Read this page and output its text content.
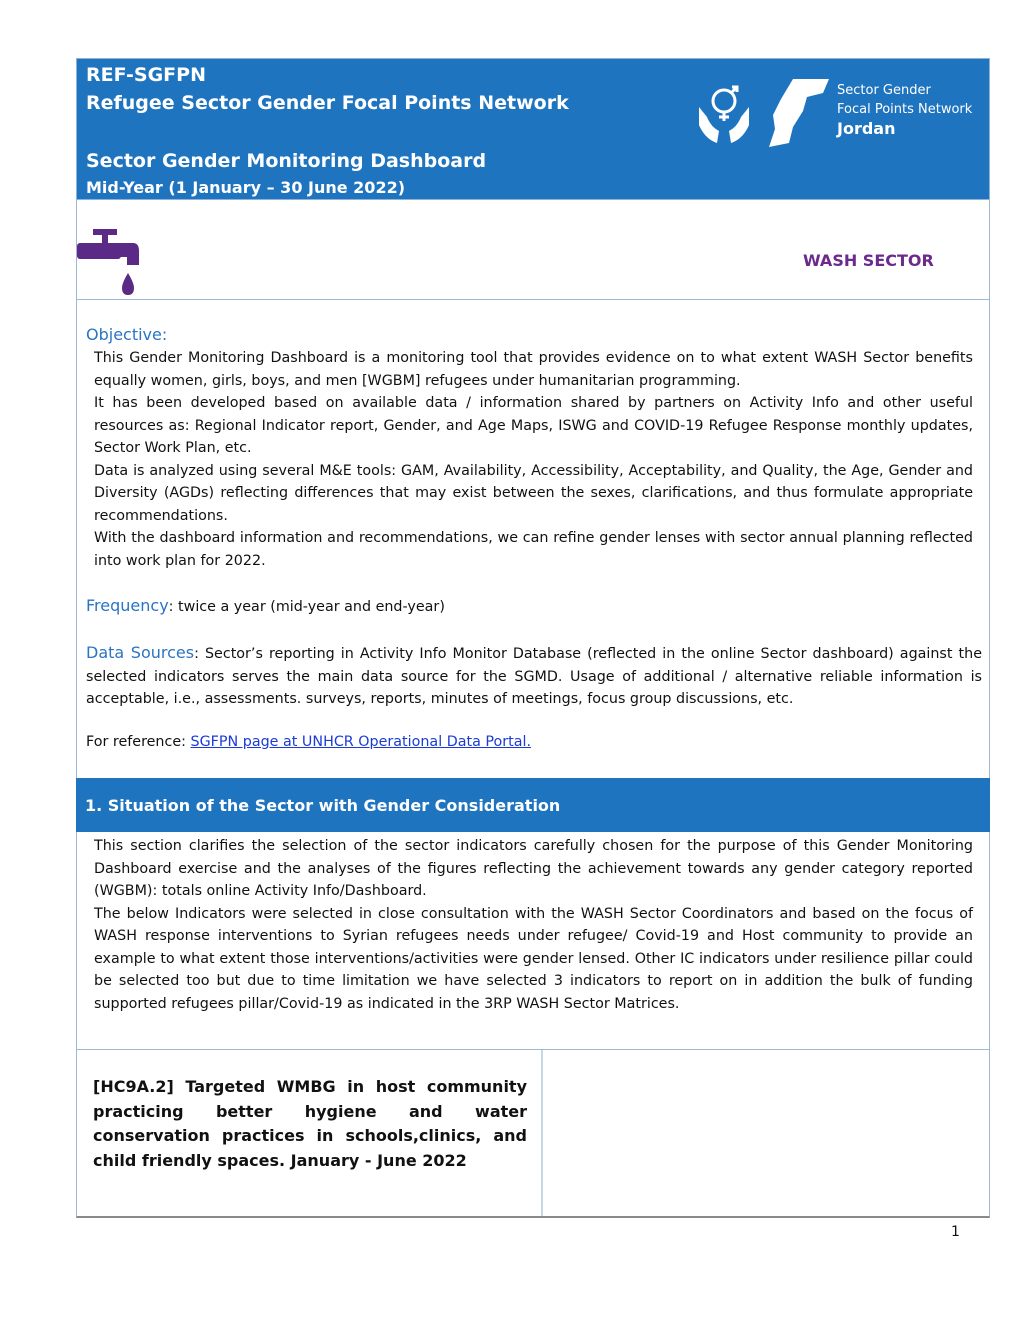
REF-SGFPN
Refugee Sector Gender Focal Points Network
Sector Gender Monitoring Dashboard
Mid-Year (1 January – 30 June 2022)
Sector Gender
Focal Points Network
Jordan
WASH SECTOR
Objective:

This Gender Monitoring Dashboard is a monitoring tool that provides evidence on to what extent WASH Sector benefits equally women, girls, boys, and men [WGBM] refugees under humanitarian programming.

It has been developed based on available data / information shared by partners on Activity Info and other useful resources as: Regional Indicator report, Gender, and Age Maps, ISWG and COVID-19 Refugee Response monthly updates, Sector Work Plan, etc.

Data is analyzed using several M&E tools: GAM, Availability, Accessibility, Acceptability, and Quality, the Age, Gender and Diversity (AGDs) reflecting differences that may exist between the sexes, clarifications, and thus formulate appropriate recommendations.

With the dashboard information and recommendations, we can refine gender lenses with sector annual planning reflected into work plan for 2022.

Frequency: twice a year (mid-year and end-year)
Data Sources: Sector’s reporting in Activity Info Monitor Database (reflected in the online Sector dashboard) against the selected indicators serves the main data source for the SGMD. Usage of additional / alternative reliable information is acceptable, i.e., assessments. surveys, reports, minutes of meetings, focus group discussions, etc.
For reference: SGFPN page at UNHCR Operational Data Portal.
1. Situation of the Sector with Gender Consideration

This section clarifies the selection of the sector indicators carefully chosen for the purpose of this Gender Monitoring Dashboard exercise and the analyses of the figures reflecting the achievement towards any gender category reported (WGBM): totals online Activity Info/Dashboard.

The below Indicators were selected in close consultation with the WASH Sector Coordinators and based on the focus of WASH response interventions to Syrian refugees needs under refugee/ Covid-19 and Host community to provide an example to what extent those interventions/activities were gender lensed. Other IC indicators under resilience pillar could be selected too but due to time limitation we have selected 3 indicators to report on in addition the bulk of funding supported refugees pillar/Covid-19 as indicated in the 3RP WASH Sector Matrices.

[HC9A.2] Targeted WMBG in host community practicing better hygiene and water conservation practices in schools,clinics, and child friendly spaces. January - June 2022
1
